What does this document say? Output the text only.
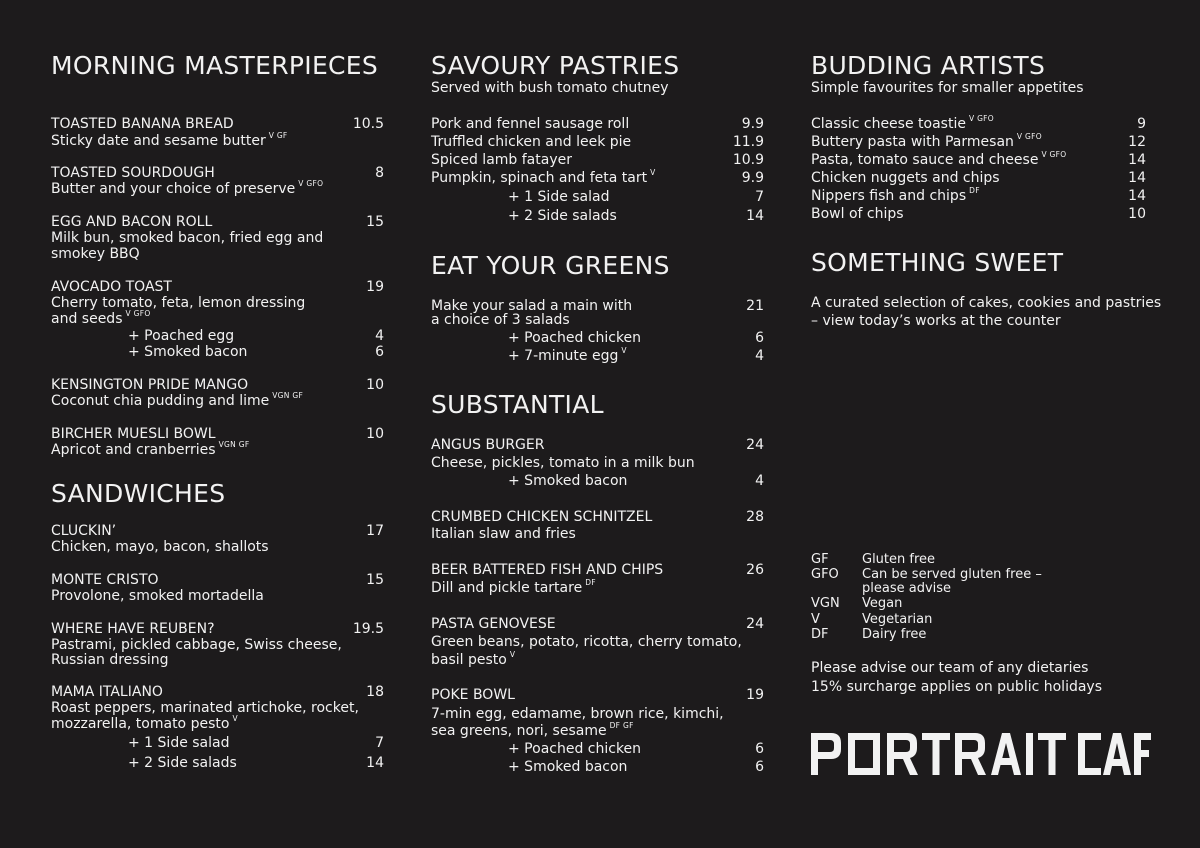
MORNING MASTERPIECES
TOASTED BANANA BREAD	10.5
Sticky date and sesame butter $^{V GF}$
TOASTED SOURDOUGH	8
Butter and your choice of preserve $^{V GFO}$
EGG AND BACON ROLL	15
Milk bun, smoked bacon, fried egg and
smokey BBQ
AVOCADO TOAST	19
Cherry tomato, feta, lemon dressing
and seeds $^{V GFO}$
+ Poached egg	4
+ Smoked bacon	6
KENSINGTON PRIDE MANGO	10
Coconut chia pudding and lime $^{VGN GF}$
BIRCHER MUESLI BOWL	10
Apricot and cranberries $^{VGN GF}$
SANDWICHES
CLUCKIN’	17
Chicken, mayo, bacon, shallots
MONTE CRISTO	15
Provolone, smoked mortadella
WHERE HAVE REUBEN?	19.5
Pastrami, pickled cabbage, Swiss cheese,
Russian dressing
MAMA ITALIANO	18
Roast peppers, marinated artichoke, rocket,
mozzarella, tomato pesto $^V$
+ 1 Side salad	7
+ 2 Side salads	14
SAVOURY PASTRIES
Served with bush tomato chutney
Pork and fennel sausage roll	9.9
Truffled chicken and leek pie	11.9
Spiced lamb fatayer	10.9
Pumpkin, spinach and feta tart $^V$	9.9
+ 1 Side salad	7
+ 2 Side salads	14
EAT YOUR GREENS
Make your salad a main with	21
a choice of 3 salads
+ Poached chicken	6
+ 7-minute egg $^V$	4
SUBSTANTIAL
ANGUS BURGER	24
Cheese, pickles, tomato in a milk bun
+ Smoked bacon	4
CRUMBED CHICKEN SCHNITZEL	28
Italian slaw and fries
BEER BATTERED FISH AND CHIPS	26
Dill and pickle tartare $^{DF}$
PASTA GENOVESE	24
Green beans, potato, ricotta, cherry tomato,
basil pesto $^V$
POKE BOWL	19
7-min egg, edamame, brown rice, kimchi,
sea greens, nori, sesame $^{DF GF}$
+ Poached chicken	6
+ Smoked bacon	6
BUDDING ARTISTS
Simple favourites for smaller appetites
Classic cheese toastie $^{V GFO}$	9
Buttery pasta with Parmesan $^{V GFO}$	12
Pasta, tomato sauce and cheese $^{V GFO}$	14
Chicken nuggets and chips	14
Nippers fish and chips $^{DF}$	14
Bowl of chips	10
SOMETHING SWEET
A curated selection of cakes, cookies and pastries
– view today’s works at the counter
GF	Gluten free
GFO Can be served gluten free –
please advise
VGN Vegan
V	Vegetarian
DF	Dairy free
Please advise our team of any dietaries
15% surcharge applies on public holidays
